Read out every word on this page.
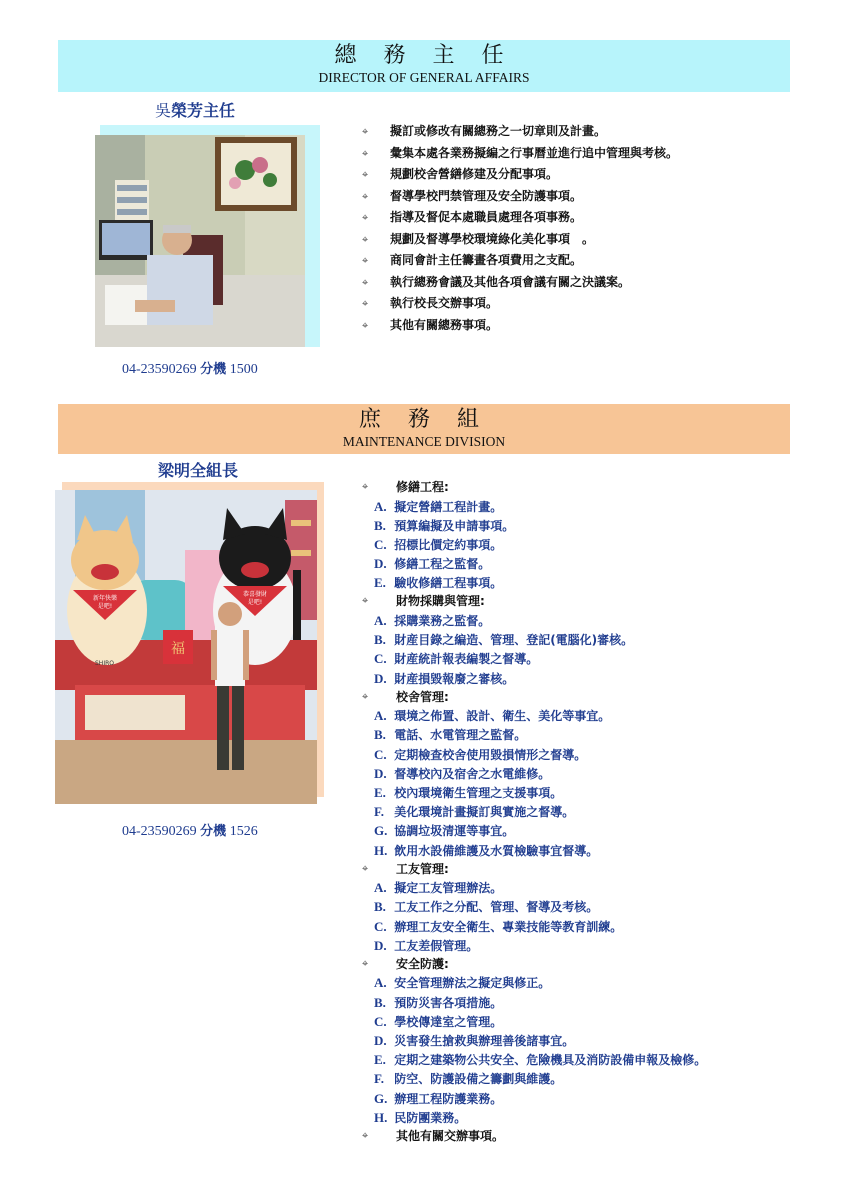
總 務 主 任
DIRECTOR OF GENERAL AFFAIRS
吳榮芳主任
04-23590269 分機 1500
⌖ 擬訂或修改有關總務之一切章則及計畫。
⌖ 彙集本處各業務擬編之行事曆並進行追中管理與考核。
⌖ 規劃校舍營繕修建及分配事項。
⌖ 督導學校門禁管理及安全防護事項。
⌖ 指導及督促本處職員處理各項事務。
⌖ 規劃及督導學校環境綠化美化事項　。
⌖ 商同會計主任籌畫各項費用之支配。
⌖ 執行總務會議及其他各項會議有關之決議案。
⌖ 執行校長交辦事項。
⌖ 其他有關總務事項。
庶 務 組
MAINTENANCE DIVISION
梁明全組長
新年快樂
是吧!
SHIRO
恭喜發財
是吧!
福
04-23590269 分機 1526
⌖ 修繕工程:
A. 擬定營繕工程計畫。
B. 預算編擬及申請事項。
C. 招標比價定約事項。
D. 修繕工程之監督。
E. 驗收修繕工程事項。
⌖ 財物採購與管理:
A. 採購業務之監督。
B. 財産目錄之編造、管理、登記(電腦化)審核。
C. 財産統計報表編製之督導。
D. 財産損毀報廢之審核。
⌖ 校舍管理:
A. 環境之佈置、設計、衛生、美化等事宜。
B. 電話、水電管理之監督。
C. 定期檢查校舍使用毀損情形之督導。
D. 督導校內及宿舍之水電維修。
E. 校內環境衛生管理之支援事項。
F. 美化環境計畫擬訂與實施之督導。
G. 協調垃圾清運等事宜。
H. 飲用水設備維護及水質檢驗事宜督導。
⌖ 工友管理:
A. 擬定工友管理辦法。
B. 工友工作之分配、管理、督導及考核。
C. 辦理工友安全衛生、專業技能等教育訓練。
D. 工友差假管理。
⌖ 安全防護:
A. 安全管理辦法之擬定與修正。
B. 預防災害各項措施。
C. 學校傳達室之管理。
D. 災害發生搶救與辦理善後諸事宜。
E. 定期之建築物公共安全、危險機具及消防設備申報及檢修。
F. 防空、防護設備之籌劃與維護。
G. 辦理工程防護業務。
H. 民防團業務。
⌖ 其他有關交辦事項。
